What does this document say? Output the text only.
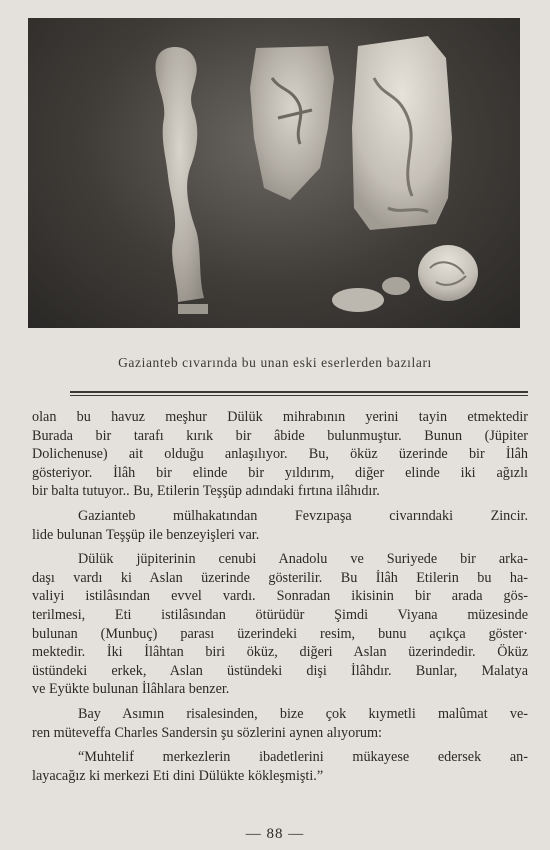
Gazianteb cıvarında bu unan eski eserlerden bazıları
olan bu havuz meşhur Dülük mihrabının yerini tayin etmektedir
Burada bir tarafı kırık bir âbide bulunmuştur. Bunun (Jüpiter
Dolichenuse) ait olduğu anlaşılıyor. Bu, öküz üzerinde bir İlâh
gösteriyor. İlâh bir elinde bir yıldırım, diğer elinde iki ağızlı
bir balta tutuyor.. Bu, Etilerin Teşşüp adındaki fırtına ilâhıdır.
Gazianteb mülhakatından Fevzıpaşa civarındaki Zincir.
lide bulunan Teşşüp ile benzeyişleri var.
Dülük jüpiterinin cenubi Anadolu ve Suriyede bir arka-
daşı vardı ki Aslan üzerinde gösterilir. Bu İlâh Etilerin bu ha-
valiyi istilâsından evvel vardı. Sonradan ikisinin bir arada gös-
terilmesi, Eti istilâsından ötürüdür Şimdi Viyana müzesinde
bulunan (Munbuç) parası üzerindeki resim, bunu açıkça göster·
mektedir. İki İlâhtan biri öküz, diğeri Aslan üzerindedir. Öküz
üstündeki erkek, Aslan üstündeki dişi İlâhdır. Bunlar, Malatya
ve Eyükte bulunan İlâhlara benzer.
Bay Asımın risalesinden, bize çok kıymetli malûmat ve-
ren müteveffa Charles Sandersin şu sözlerini aynen alıyorum:
“Muhtelif merkezlerin ibadetlerini mükayese edersek an-
layacağız ki merkezi Eti dini Dülükte kökleşmişti.”
— 88 —
